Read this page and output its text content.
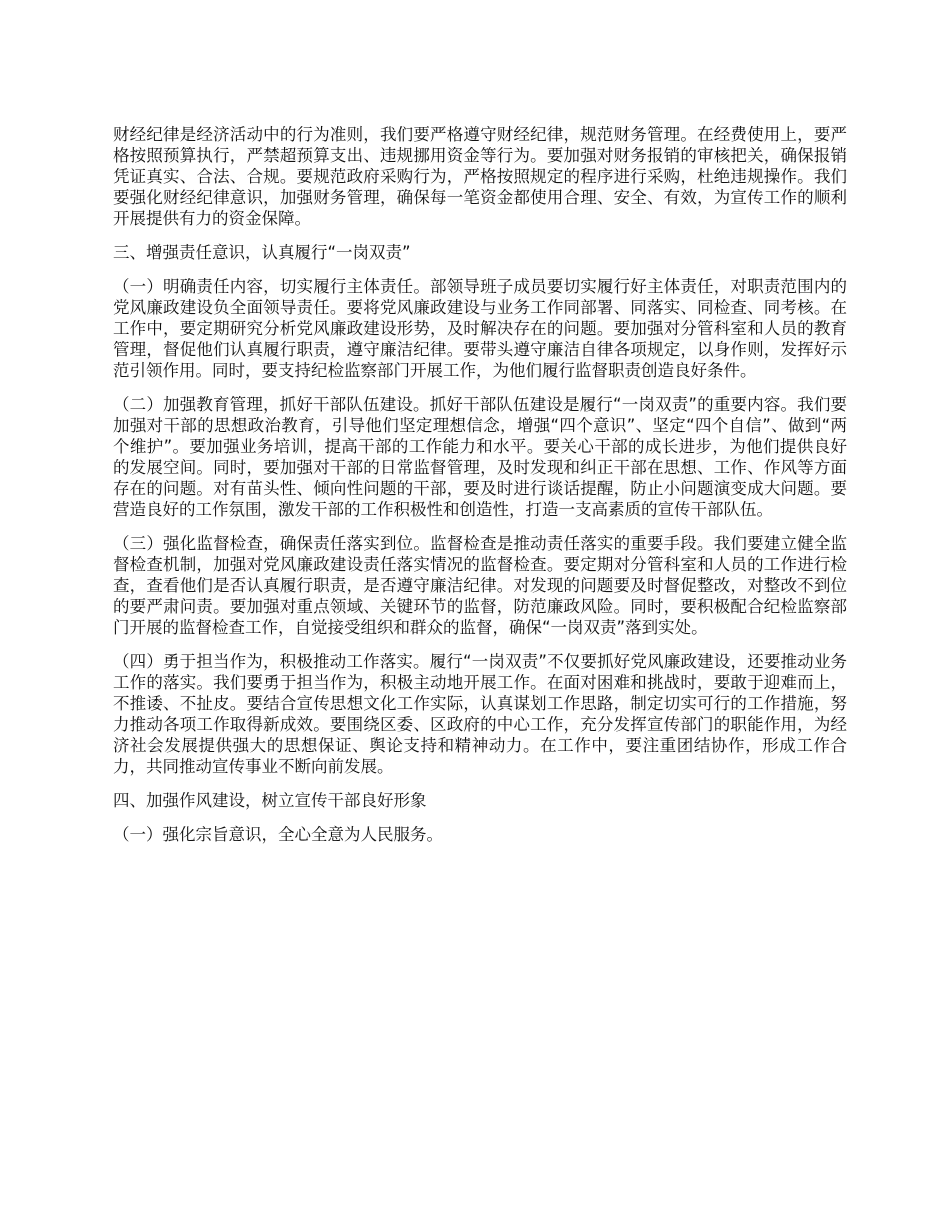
财经纪律是经济活动中的行为准则，我们要严格遵守财经纪律，规范财务管理。在经费使用上，要严格按照预算执行，严禁超预算支出、违规挪用资金等行为。要加强对财务报销的审核把关，确保报销凭证真实、合法、合规。要规范政府采购行为，严格按照规定的程序进行采购，杜绝违规操作。我们要强化财经纪律意识，加强财务管理，确保每一笔资金都使用合理、安全、有效，为宣传工作的顺利开展提供有力的资金保障。

三、增强责任意识，认真履行“一岗双责”

（一）明确责任内容，切实履行主体责任。部领导班子成员要切实履行好主体责任，对职责范围内的党风廉政建设负全面领导责任。要将党风廉政建设与业务工作同部署、同落实、同检查、同考核。在工作中，要定期研究分析党风廉政建设形势，及时解决存在的问题。要加强对分管科室和人员的教育管理，督促他们认真履行职责，遵守廉洁纪律。要带头遵守廉洁自律各项规定，以身作则，发挥好示范引领作用。同时，要支持纪检监察部门开展工作，为他们履行监督职责创造良好条件。

（二）加强教育管理，抓好干部队伍建设。抓好干部队伍建设是履行“一岗双责”的重要内容。我们要加强对干部的思想政治教育，引导他们坚定理想信念，增强“四个意识”、坚定“四个自信”、做到“两个维护”。要加强业务培训，提高干部的工作能力和水平。要关心干部的成长进步，为他们提供良好的发展空间。同时，要加强对干部的日常监督管理，及时发现和纠正干部在思想、工作、作风等方面存在的问题。对有苗头性、倾向性问题的干部，要及时进行谈话提醒，防止小问题演变成大问题。要营造良好的工作氛围，激发干部的工作积极性和创造性，打造一支高素质的宣传干部队伍。

（三）强化监督检查，确保责任落实到位。监督检查是推动责任落实的重要手段。我们要建立健全监督检查机制，加强对党风廉政建设责任落实情况的监督检查。要定期对分管科室和人员的工作进行检查，查看他们是否认真履行职责，是否遵守廉洁纪律。对发现的问题要及时督促整改，对整改不到位的要严肃问责。要加强对重点领域、关键环节的监督，防范廉政风险。同时，要积极配合纪检监察部门开展的监督检查工作，自觉接受组织和群众的监督，确保“一岗双责”落到实处。

（四）勇于担当作为，积极推动工作落实。履行“一岗双责”不仅要抓好党风廉政建设，还要推动业务工作的落实。我们要勇于担当作为，积极主动地开展工作。在面对困难和挑战时，要敢于迎难而上，不推诿、不扯皮。要结合宣传思想文化工作实际，认真谋划工作思路，制定切实可行的工作措施，努力推动各项工作取得新成效。要围绕区委、区政府的中心工作，充分发挥宣传部门的职能作用，为经济社会发展提供强大的思想保证、舆论支持和精神动力。在工作中，要注重团结协作，形成工作合力，共同推动宣传事业不断向前发展。

四、加强作风建设，树立宣传干部良好形象

（一）强化宗旨意识，全心全意为人民服务。
